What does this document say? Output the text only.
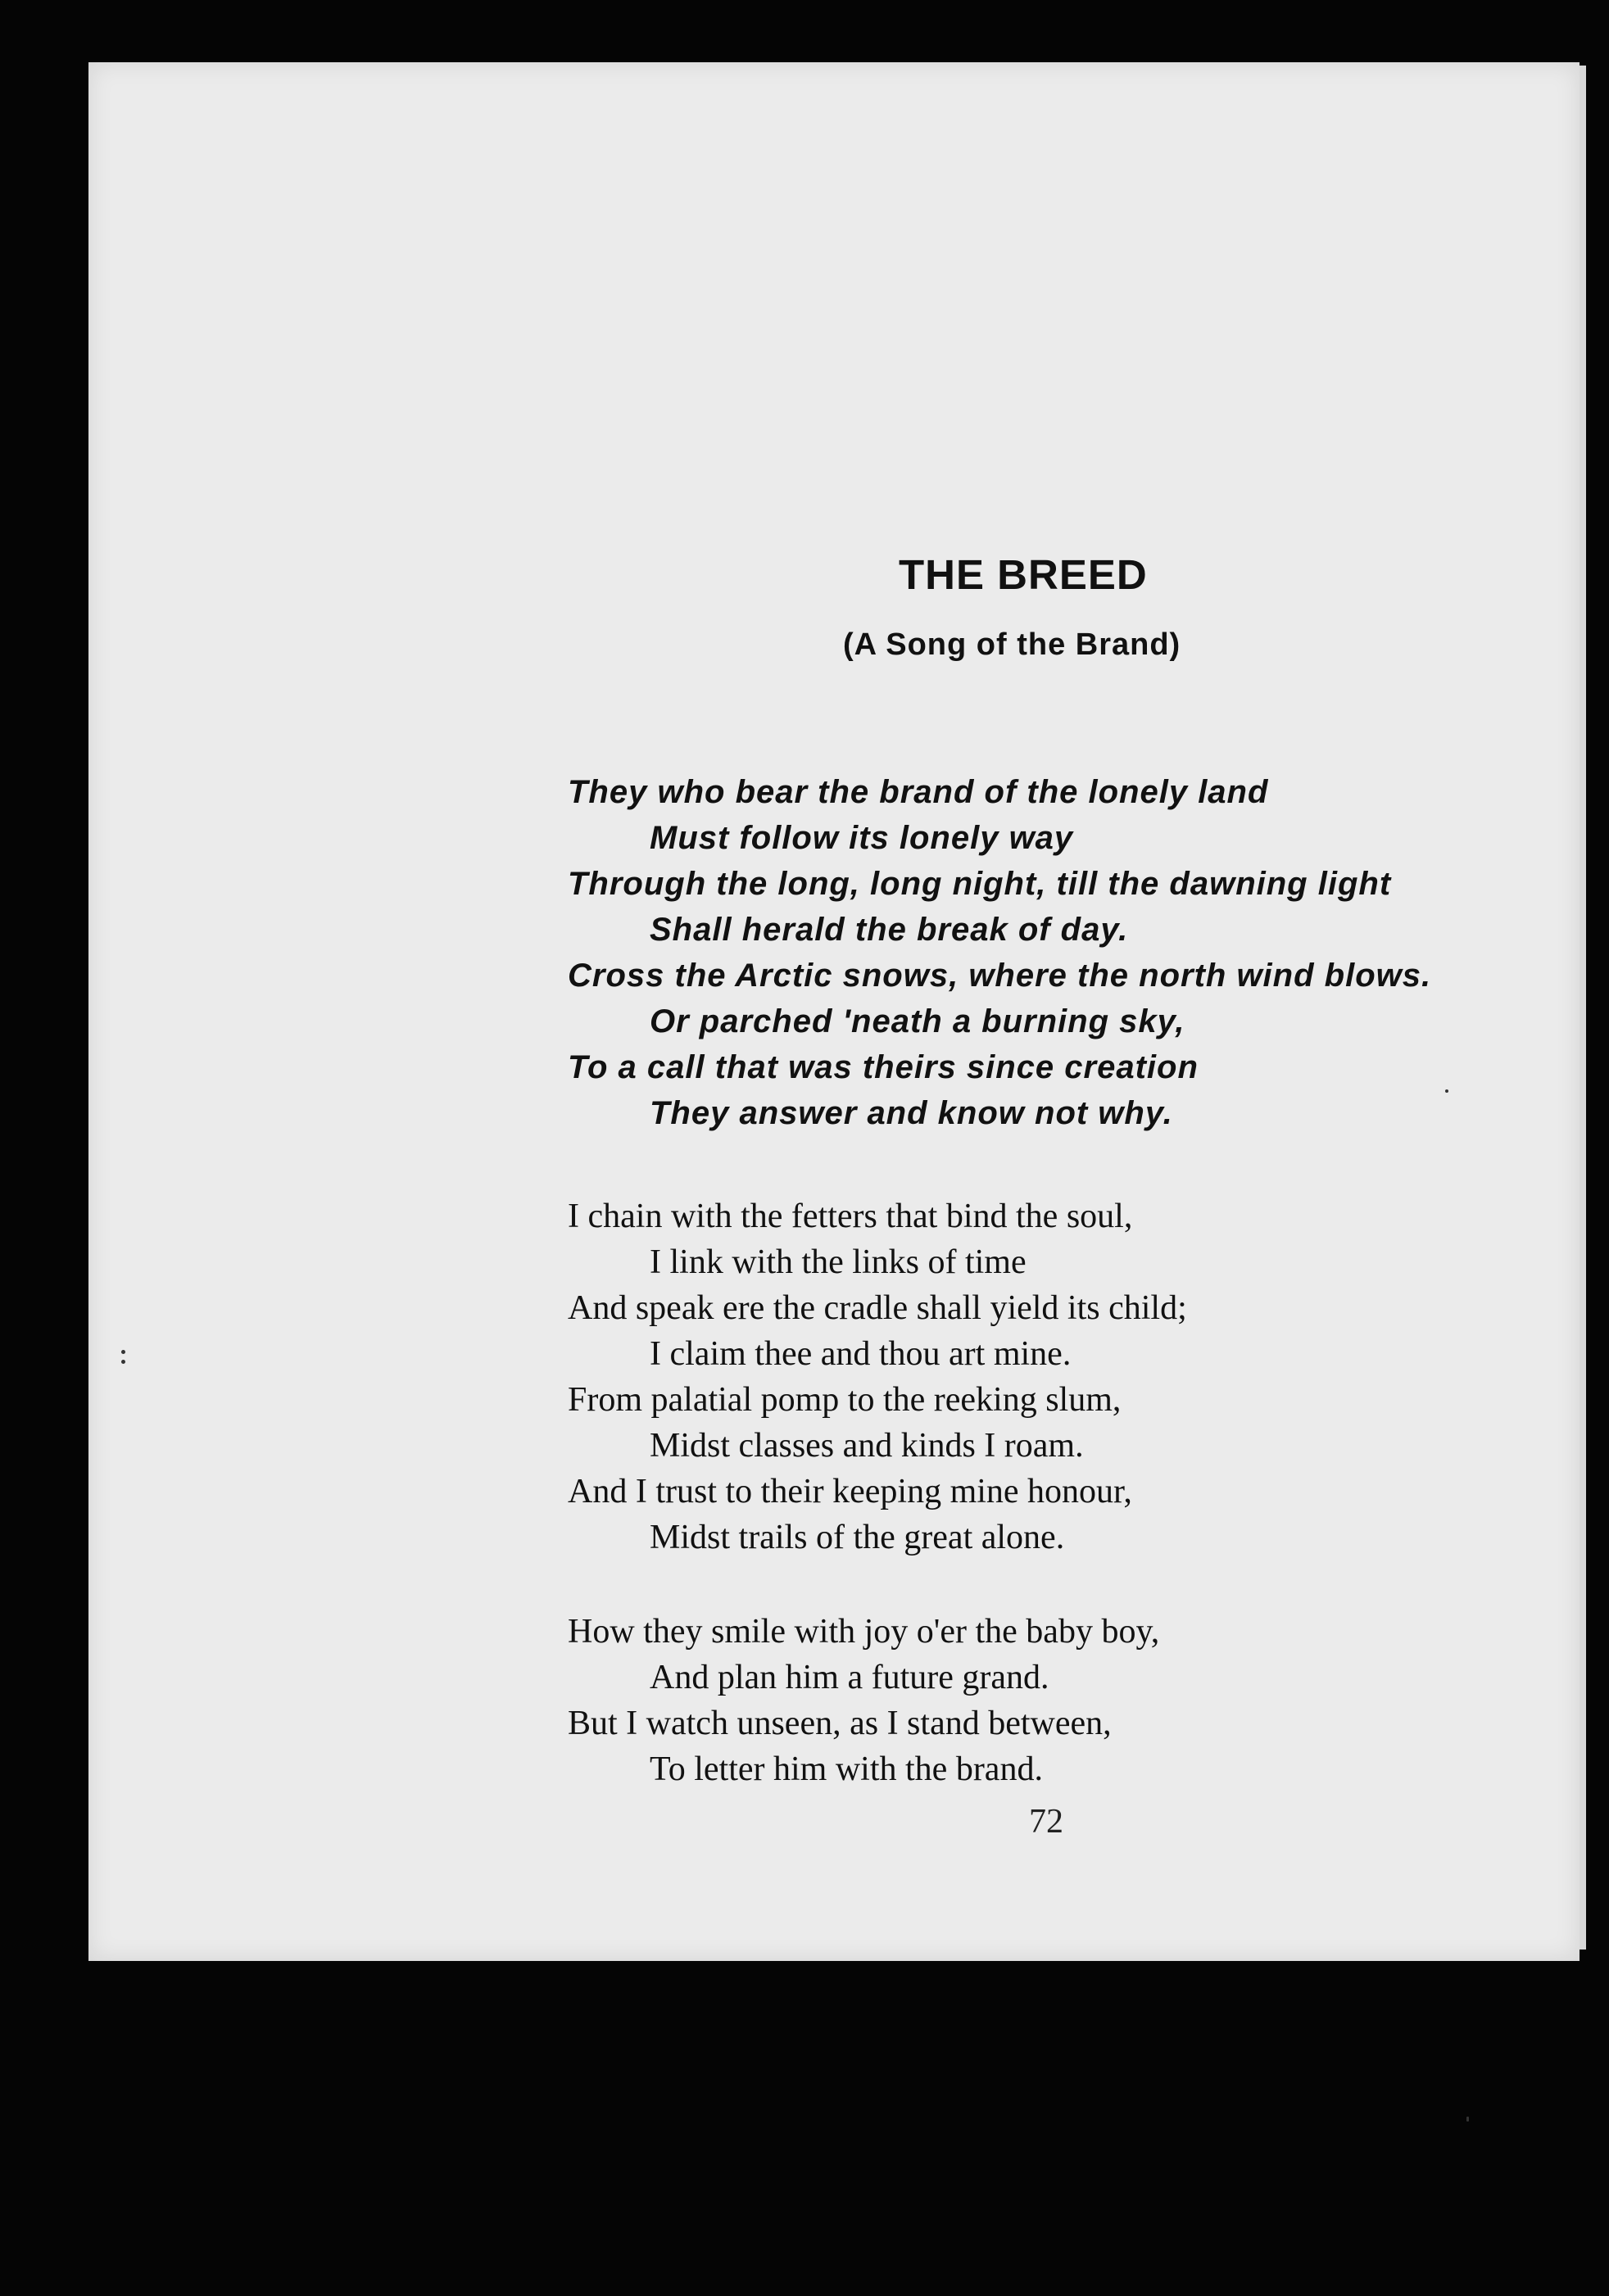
THE BREED
(A Song of the Brand)
They who bear the brand of the lonely land
Must follow its lonely way
Through the long, long night, till the dawning light
Shall herald the break of day.
Cross the Arctic snows, where the north wind blows.
Or parched 'neath a burning sky,
To a call that was theirs since creation
They answer and know not why.
I chain with the fetters that bind the soul,
I link with the links of time
And speak ere the cradle shall yield its child;
I claim thee and thou art mine.
From palatial pomp to the reeking slum,
Midst classes and kinds I roam.
And I trust to their keeping mine honour,
Midst trails of the great alone.
How they smile with joy o'er the baby boy,
And plan him a future grand.
But I watch unseen, as I stand between,
To letter him with the brand.
72
